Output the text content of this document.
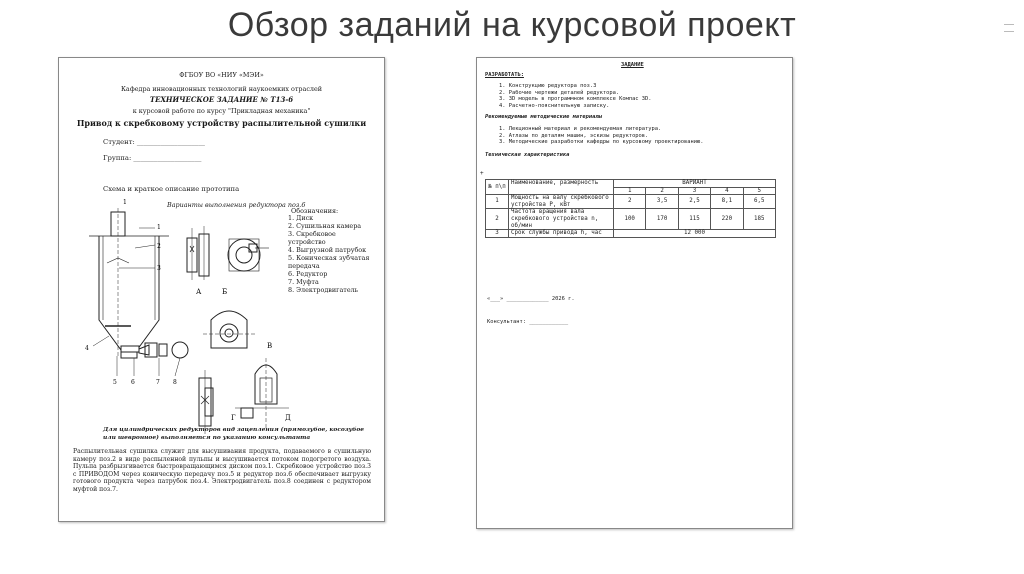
Обзор заданий на курсовой проект
ФГБОУ ВО «НИУ «МЭИ»
Кафедра инновационных технологий наукоемких отраслей
ТЕХНИЧЕСКОЕ ЗАДАНИЕ № Т13-6
к курсовой работе по курсу "Прикладная механика"
Привод к скребковому устройству распылительной сушилки
Студент: ____________________
Группа: ____________________
Схема и краткое описание прототипа
Варианты выполнения редуктора поз.6
Обозначения:
1. Диск
2. Сушильная камера
3. Скребковое
устройство
4. Выгрузной патрубок
5. Коническая зубчатая
передача
6. Редуктор
7. Муфта
8. Электродвигатель
1
1
2
3
4
5 6	7 8
А	Б
В
Г	Д
Для цилиндрических редукторов вид зацепления (прямозубое, косозубое
или шевронное) выполняется по указанию консультанта
Распылительная сушилка служит для высушивания продукта, подаваемого в сушильную камеру поз.2 в виде распыленной пульпы и высушивается потоком подогретого воздуха. Пульпа разбрызгивается быстровращающимся диском поз.1. Скребковое устройство поз.3 с ПРИВОДОМ через коническую передачу поз.5 и редуктор поз.6 обеспечивает выгрузку готового продукта через патрубок поз.4. Электродвигатель поз.8 соединен с редуктором муфтой поз.7.
ЗАДАНИЕ
РАЗРАБОТАТЬ:
1. Конструкцию редуктора поз.3
2. Рабочие чертежи деталей редуктора.
3. 3D модель в программном комплексе Компас 3D.
4. Расчетно-пояснительную записку.
Рекомендуемые методические материалы
1. Лекционный материал и рекомендуемая литература.
2. Атлазы по деталям машин, эскизы редукторов.
3. Методические разработки кафедры по курсовому проектированию.
Техническая характеристика
+
№ п\п	Наименование, размерность	ВАРИАНТ				
		1	2	3	4	5
1	Мощность на валу скребкового устройства Р, кВт	2	3,5	2,5	8,1	6,5
2	Частота вращения вала скребкового устройства n, об/мин	100	170	115	220	185
3	Срок службы привода h, час	12 000				
«___» _____________ 2026 г.
Консультант: ____________
